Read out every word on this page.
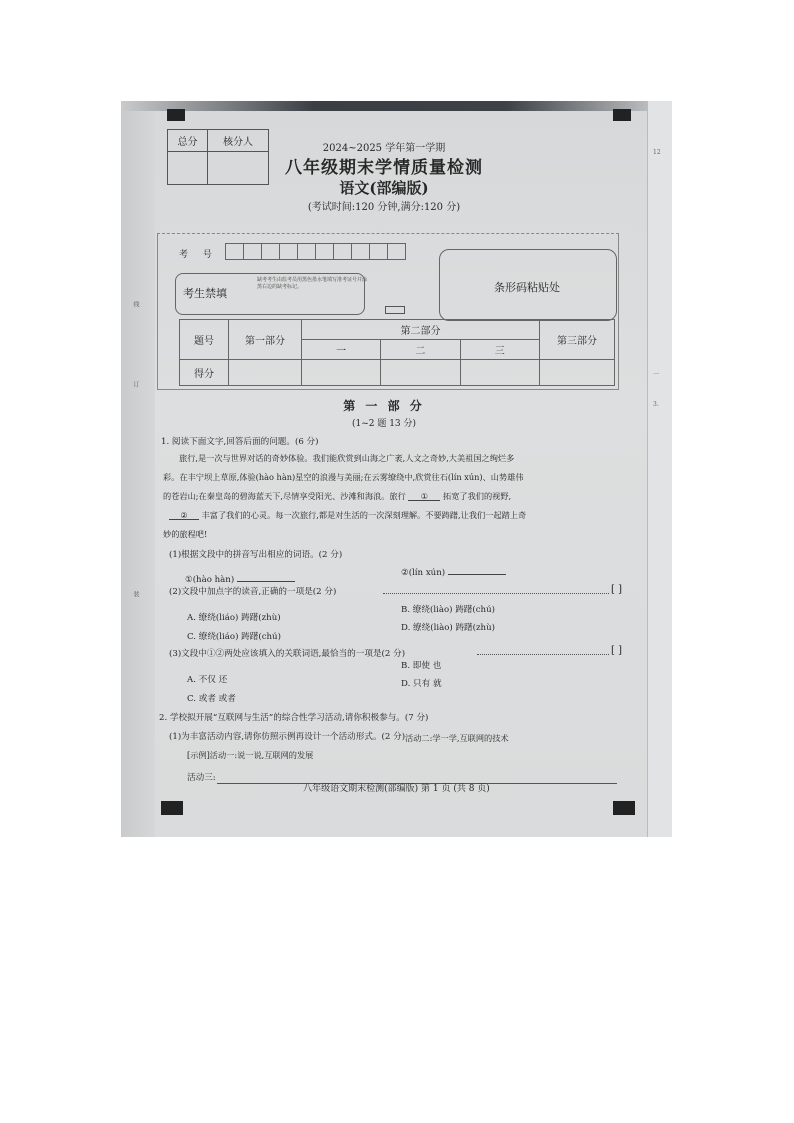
线
订
装
总分	核分人
2024~2025 学年第一学期
八年级期末学情质量检测
语文(部编版)
(考试时间:120 分钟,满分:120 分)
考 号
考生禁填
缺考考生由监考员用黑色墨水笔填写准考证号并涂黑右边的缺考标记。	条形码粘贴处
题号	第一部分	第二部分			第三部分
		一	二	三	
得分					
第 一 部 分
(1~2 题 13 分)
1. 阅读下面文字,回答后面的问题。(6 分)
旅行,是一次与世界对话的奇妙体验。我们能欣赏到山海之广袤,人文之奇妙,大美祖国之绚烂多
彩。在丰宁坝上草原,体验(hào hàn)星空的浪漫与美丽;在云雾缭绕中,欣赏往石(lín xún)、山势雄伟
的苍岩山;在秦皇岛的碧海蓝天下,尽情享受阳光、沙滩和海浪。旅行 ① 拓宽了我们的视野,
② 丰富了我们的心灵。每一次旅行,都是对生活的一次深刻理解。不要踌躇,让我们一起踏上奇
妙的旅程吧!
(1)根据文段中的拼音写出相应的词语。(2 分)
②(lín xún)
①(hào hàn)
(2)文段中加点字的读音,正确的一项是(2 分)	[ ]
B. 缭绕(liào) 踌躇(chú)
A. 缭绕(liáo) 踌躇(zhù)
D. 缭绕(liào) 踌躇(zhù)
C. 缭绕(liáo) 踌躇(chú)
(3)文段中①②两处应该填入的关联词语,最恰当的一项是(2 分)	[ ]
B. 即使 也
A. 不仅 还	D. 只有 就
C. 或者 或者
2. 学校拟开展“互联网与生活”的综合性学习活动,请你积极参与。(7 分)
(1)为丰富活动内容,请你仿照示例再设计一个活动形式。(2 分) 活动二:学一学,互联网的技术
[示例]活动一:说一说,互联网的发展
活动三:
八年级语文期末检测(部编版) 第 1 页 (共 8 页)
12
一
3.
